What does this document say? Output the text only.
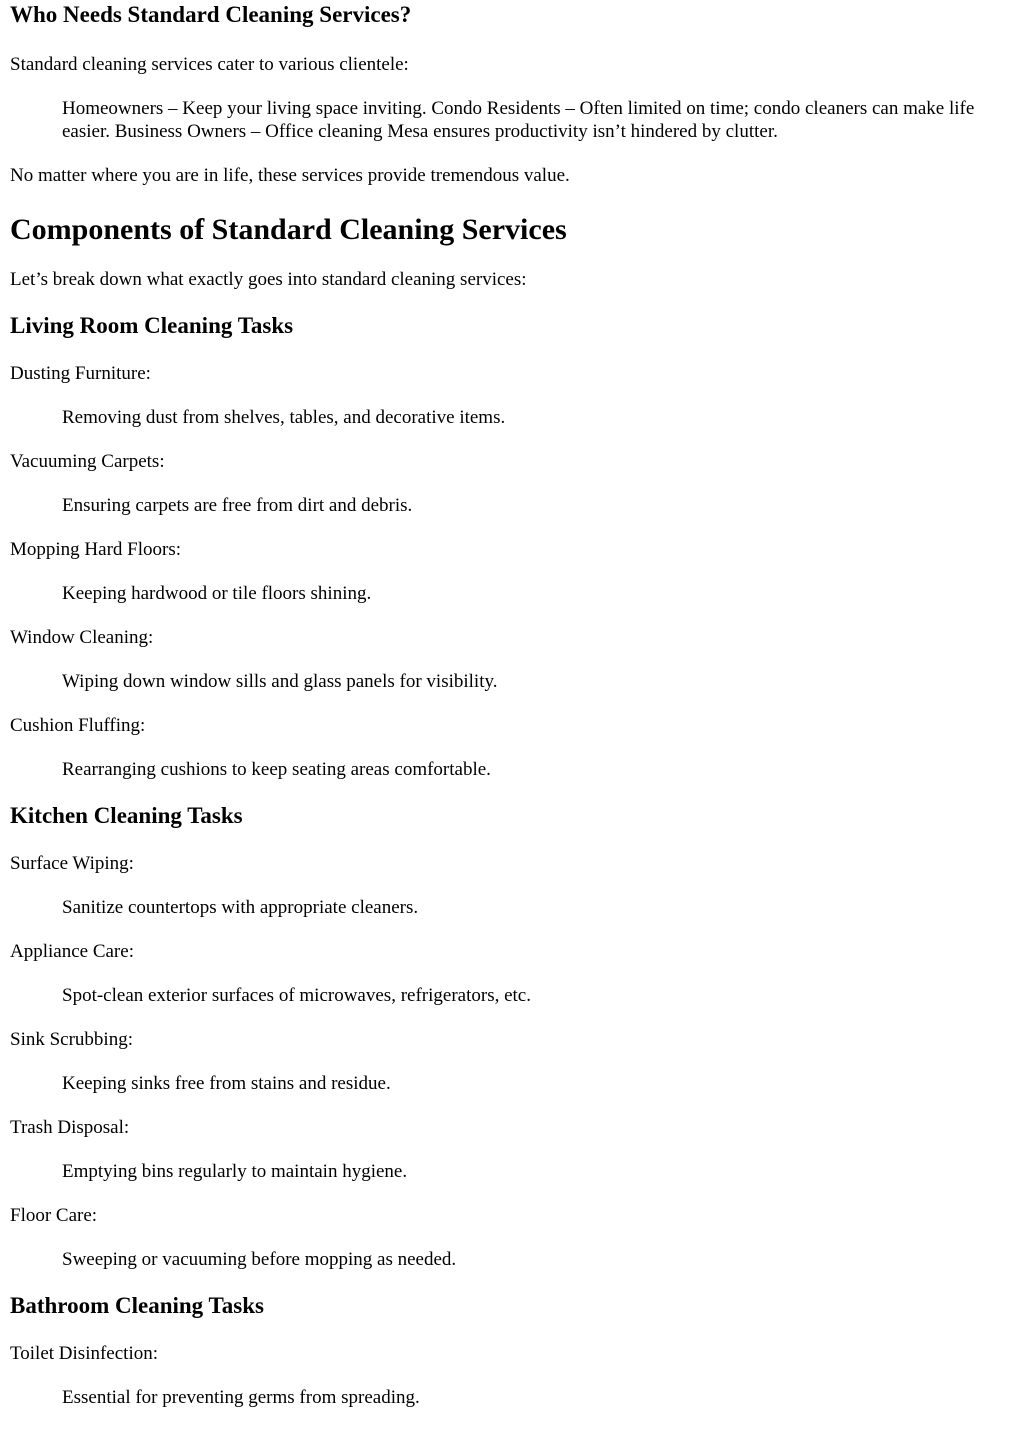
Who Needs Standard Cleaning Services?

Standard cleaning services cater to various clientele:

Homeowners – Keep your living space inviting. Condo Residents – Often limited on time; condo cleaners can make life easier. Business Owners – Office cleaning Mesa ensures productivity isn’t hindered by clutter.

No matter where you are in life, these services provide tremendous value.

Components of Standard Cleaning Services

Let’s break down what exactly goes into standard cleaning services:

Living Room Cleaning Tasks

Dusting Furniture:

Removing dust from shelves, tables, and decorative items.

Vacuuming Carpets:

Ensuring carpets are free from dirt and debris.

Mopping Hard Floors:

Keeping hardwood or tile floors shining.

Window Cleaning:

Wiping down window sills and glass panels for visibility.

Cushion Fluffing:

Rearranging cushions to keep seating areas comfortable.
Kitchen Cleaning Tasks

Surface Wiping:

Sanitize countertops with appropriate cleaners.

Appliance Care:

Spot-clean exterior surfaces of microwaves, refrigerators, etc.

Sink Scrubbing:

Keeping sinks free from stains and residue.

Trash Disposal:

Emptying bins regularly to maintain hygiene.

Floor Care:

Sweeping or vacuuming before mopping as needed.
Bathroom Cleaning Tasks

Toilet Disinfection:

Essential for preventing germs from spreading.
